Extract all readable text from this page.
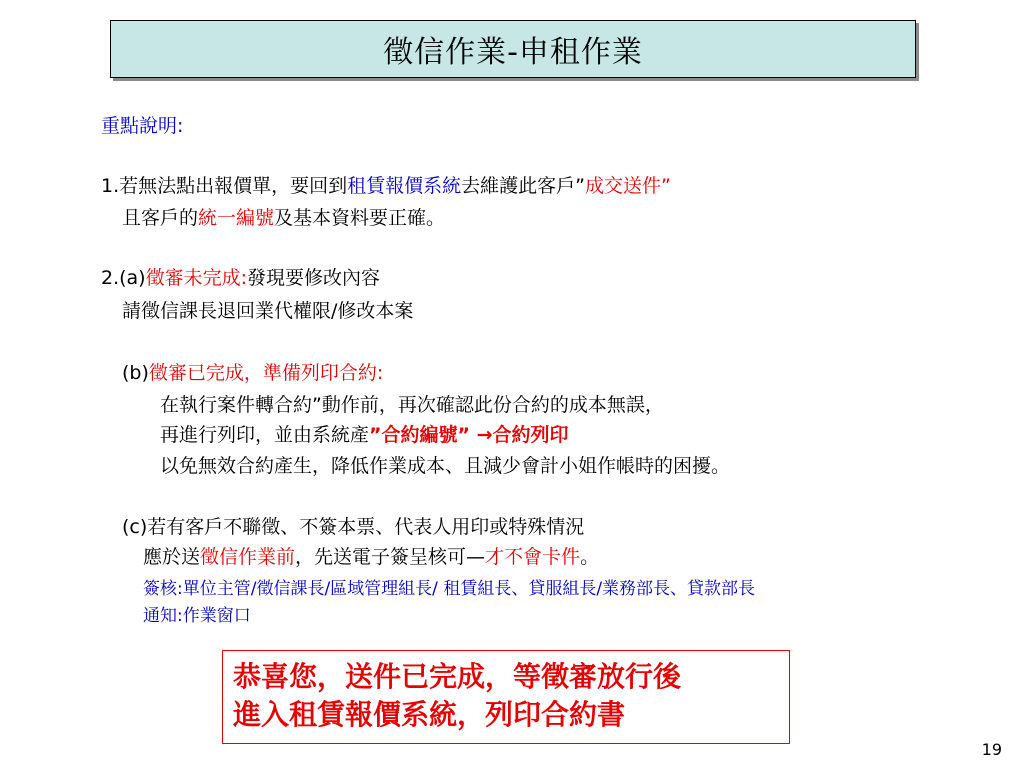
徵信作業-申租作業
重點說明:
1.若無法點出報價單，要回到租賃報價系統去維護此客戶”成交送件”
且客戶的統一編號及基本資料要正確。
2.(a)徵審未完成:發現要修改內容
請徵信課長退回業代權限/修改本案
(b)徵審已完成，準備列印合約:
在執行案件轉合約”動作前，再次確認此份合約的成本無誤，
再進行列印，並由系統產”合約編號” →合約列印
以免無效合約產生，降低作業成本、且減少會計小姐作帳時的困擾。
(c)若有客戶不聯徵、不簽本票、代表人用印或特殊情況
應於送徵信作業前，先送電子簽呈核可—才不會卡件。
簽核:單位主管/徵信課長/區域管理組長/ 租賃組長、貸服組長/業務部長、貸款部長
通知:作業窗口
恭喜您，送件已完成，等徵審放行後
進入租賃報價系統，列印合約書
19
